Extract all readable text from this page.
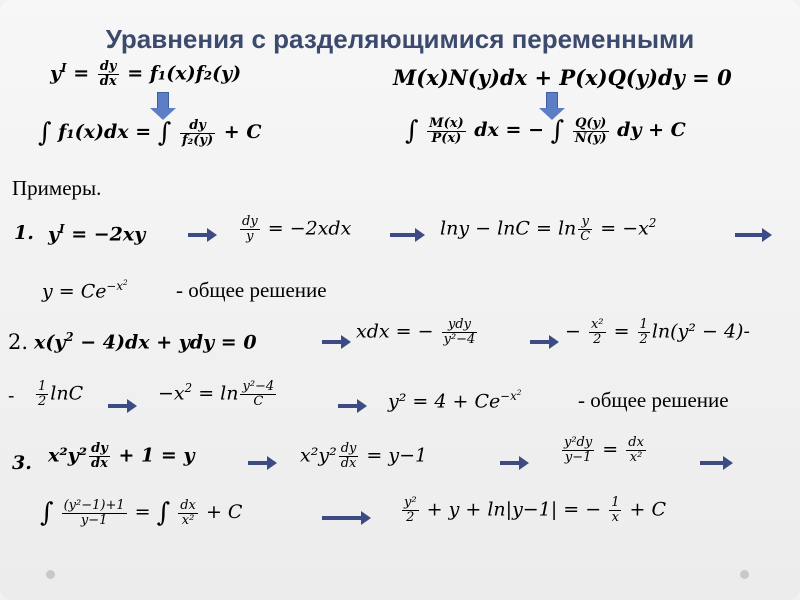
Уравнения с разделяющимися переменными
$y^I = \frac{dy}{dx} = f_1(x)f_2(y)$	M(x)N(y)dx + P(x)Q(y)dy = 0
∫ f₁(x)dx = ∫ $\frac{dy}{\text{f₂(y)}} + C$	∫ $\frac{M(x)}{P(x)}$ dx = − ∫ $\frac{Q(y)}{N(y)}$ dy + C
Примеры.
1. $y^I = -2xy$	$\frac{dy}{y} = -2xdx$	$\ln y - \ln C = \ln \frac{y}{C} = -x^2$
$y = Ce^{-x^2}$ - общее решение
2. $x(y^2 - 4)dx$ + ydy = 0	xdx = − $\frac{\text{ydy}}{\text{y²−4}}$	− $\frac{\text{x²}}{2} = \frac{1}{2} \ln(y^2 - 4)-$
- $\frac{1}{2}$ lnC	$-x^2 = \ln \frac{\text{y²−4}}{C}$	$y^2 = 4 + Ce^{-x^2}$	- общее решение
3. $x^2y^2 \frac{dy}{dx} + 1 = y$	$x^2y^2 \frac{dy}{dx} = y-1$	$\frac{\text{y²dy}}{y-1} = \frac{dx}{\text{x²}}$
∫ $\frac{\text{(y²−1)+1}}{y-1}$ = ∫ $\frac{dx}{\text{x²}} + C$	$\frac{\text{y²}}{2} + y + \ln|y-1|$ = − $\frac{1}{x} + C$
